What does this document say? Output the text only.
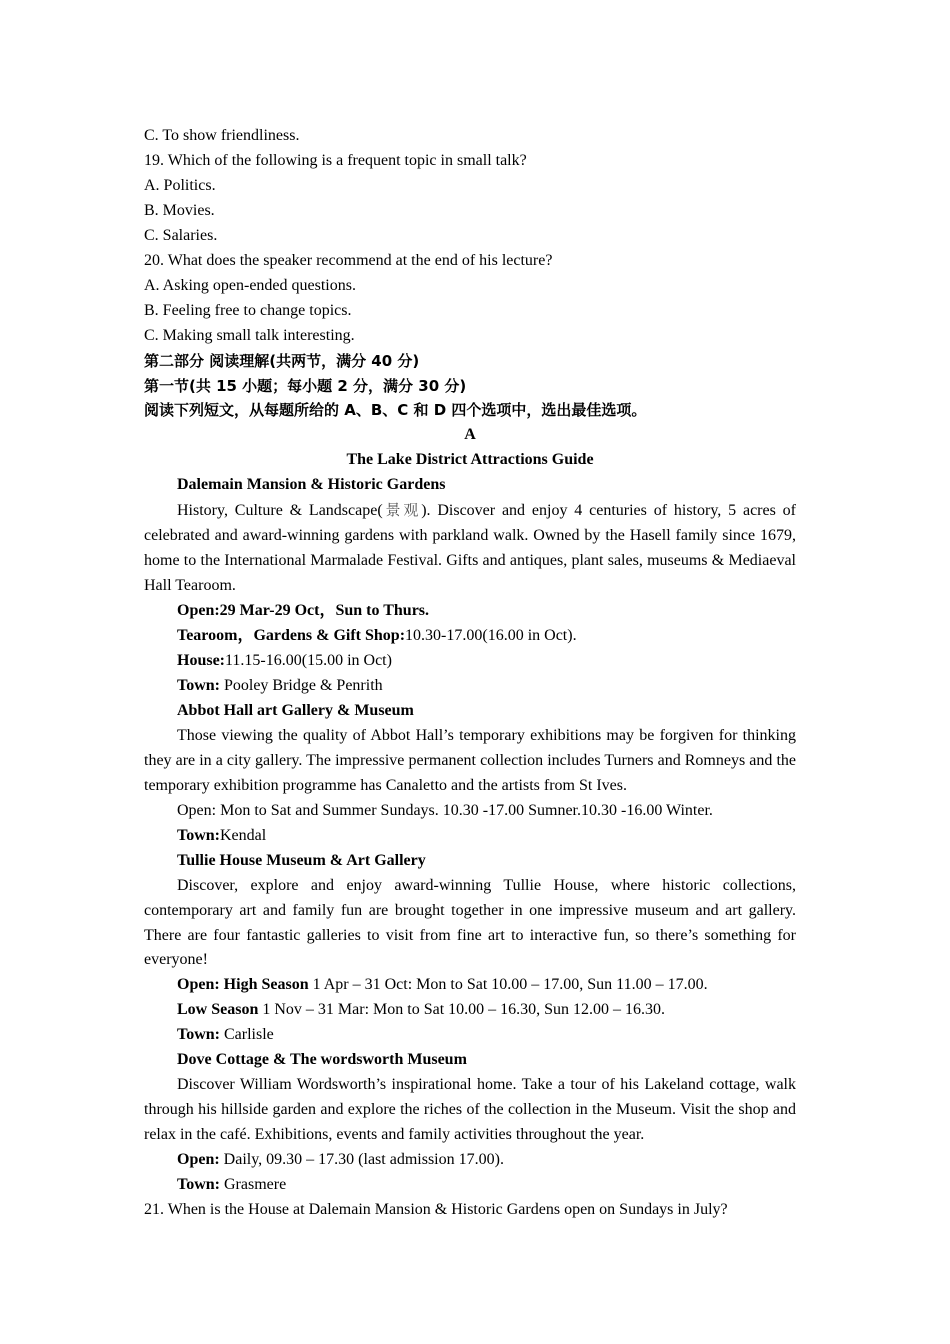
C. To show friendliness.
19. Which of the following is a frequent topic in small talk?
A. Politics.
B. Movies.
C. Salaries.
20. What does the speaker recommend at the end of his lecture?
A. Asking open-ended questions.
B. Feeling free to change topics.
C. Making small talk interesting.
第二部分 阅读理解(共两节，满分 40 分)
第一节(共 15 小题；每小题 2 分，满分 30 分)
阅读下列短文，从每题所给的 A、B、C 和 D 四个选项中，选出最佳选项。
A
The Lake District Attractions Guide
Dalemain Mansion & Historic Gardens
History, Culture & Landscape(景观). Discover and enjoy 4 centuries of history, 5 acres of celebrated and award-winning gardens with parkland walk. Owned by the Hasell family since 1679, home to the International Marmalade Festival. Gifts and antiques, plant sales, museums & Mediaeval Hall Tearoom.
Open:29 Mar-29 Oct，Sun to Thurs.
Tearoom，Gardens & Gift Shop:10.30-17.00(16.00 in Oct).
House:11.15-16.00(15.00 in Oct)
Town: Pooley Bridge & Penrith
Abbot Hall art Gallery & Museum
Those viewing the quality of Abbot Hall’s temporary exhibitions may be forgiven for thinking they are in a city gallery. The impressive permanent collection includes Turners and Romneys and the temporary exhibition programme has Canaletto and the artists from St Ives.
Open: Mon to Sat and Summer Sundays. 10.30 -17.00 Sumner.10.30 -16.00 Winter.
Town:Kendal
Tullie House Museum & Art Gallery
Discover, explore and enjoy award-winning Tullie House, where historic collections, contemporary art and family fun are brought together in one impressive museum and art gallery. There are four fantastic galleries to visit from fine art to interactive fun, so there’s something for everyone!
Open: High Season 1 Apr – 31 Oct: Mon to Sat 10.00 – 17.00, Sun 11.00 – 17.00.
Low Season 1 Nov – 31 Mar: Mon to Sat 10.00 – 16.30, Sun 12.00 – 16.30.
Town: Carlisle
Dove Cottage & The wordsworth Museum
Discover William Wordsworth’s inspirational home. Take a tour of his Lakeland cottage, walk through his hillside garden and explore the riches of the collection in the Museum. Visit the shop and relax in the café. Exhibitions, events and family activities throughout the year.
Open: Daily, 09.30 – 17.30 (last admission 17.00).
Town: Grasmere
21. When is the House at Dalemain Mansion & Historic Gardens open on Sundays in July?
